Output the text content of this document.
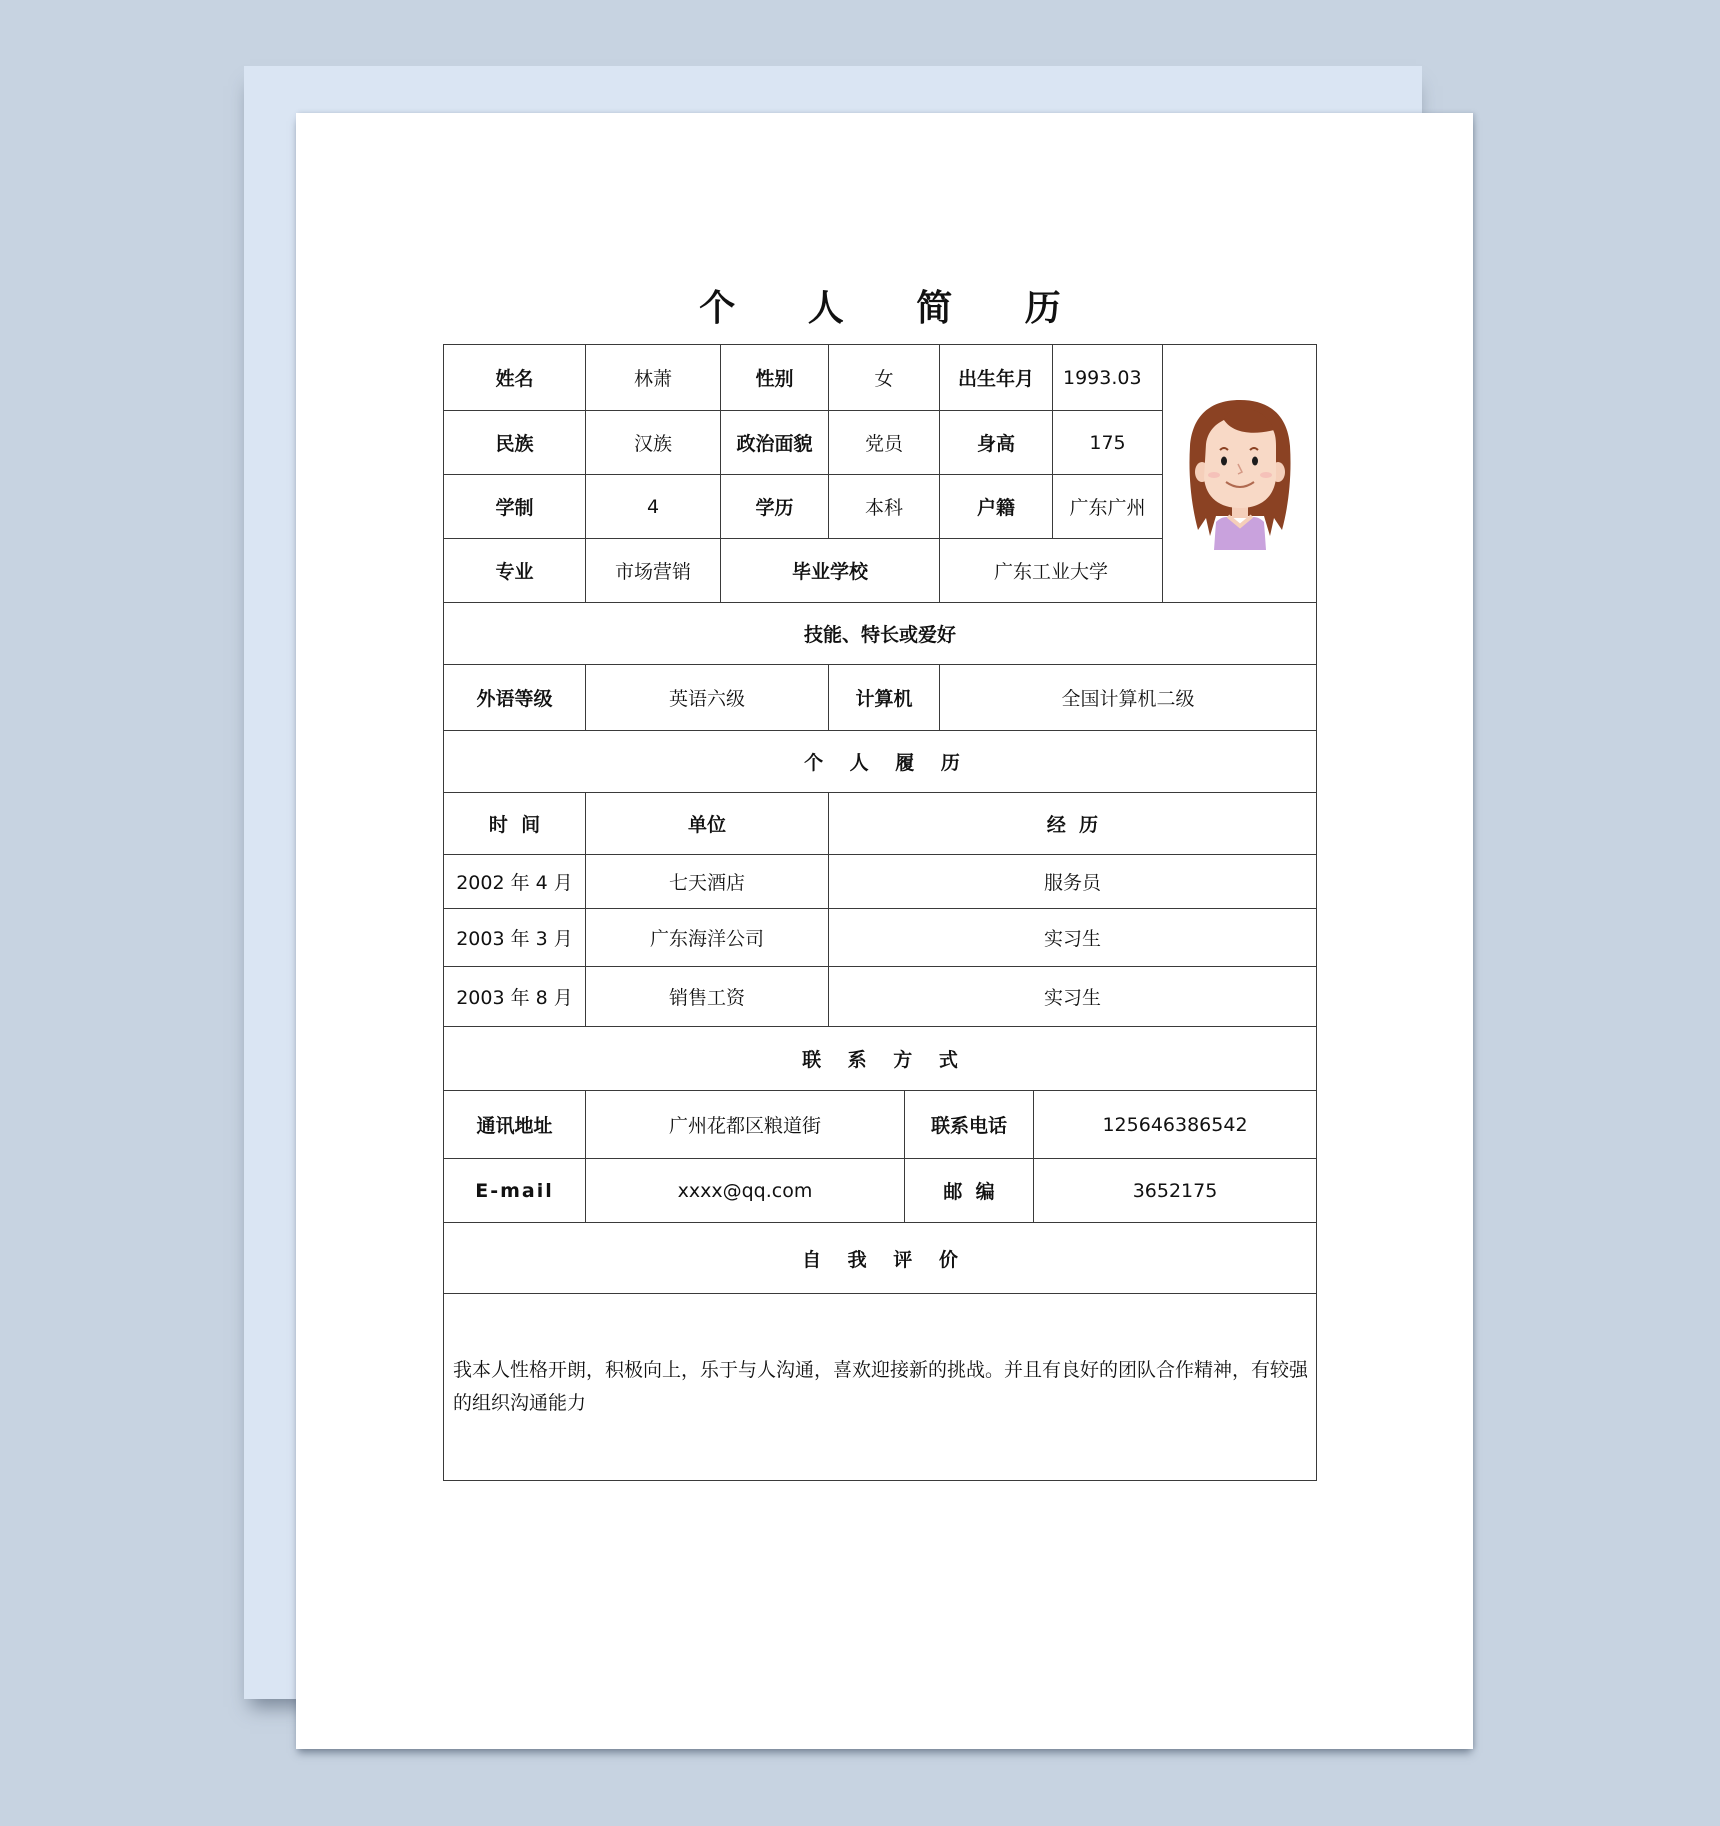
个 人 简 历
姓名	林萧	性别	女	出生年月	1993.03
民族	汉族	政治面貌	党员	身高	175
学制	4	学历	本科	户籍	广东广州
专业	市场营销	毕业学校	广东工业大学
技能、特长或爱好
外语等级	英语六级	计算机	全国计算机二级
个 人 履 历
时  间	单位	经  历
2002 年 4 月	七天酒店	服务员
2003 年 3 月	广东海洋公司	实习生
2003 年 8 月	销售工资	实习生
联 系 方 式
通讯地址	广州花都区粮道街	联系电话	125646386542
E-mail	xxxx@qq.com	邮  编	3652175
自 我 评 价
我本人性格开朗，积极向上，乐于与人沟通，喜欢迎接新的挑战。并且有良好的团队合作精神，有较强的组织沟通能力
